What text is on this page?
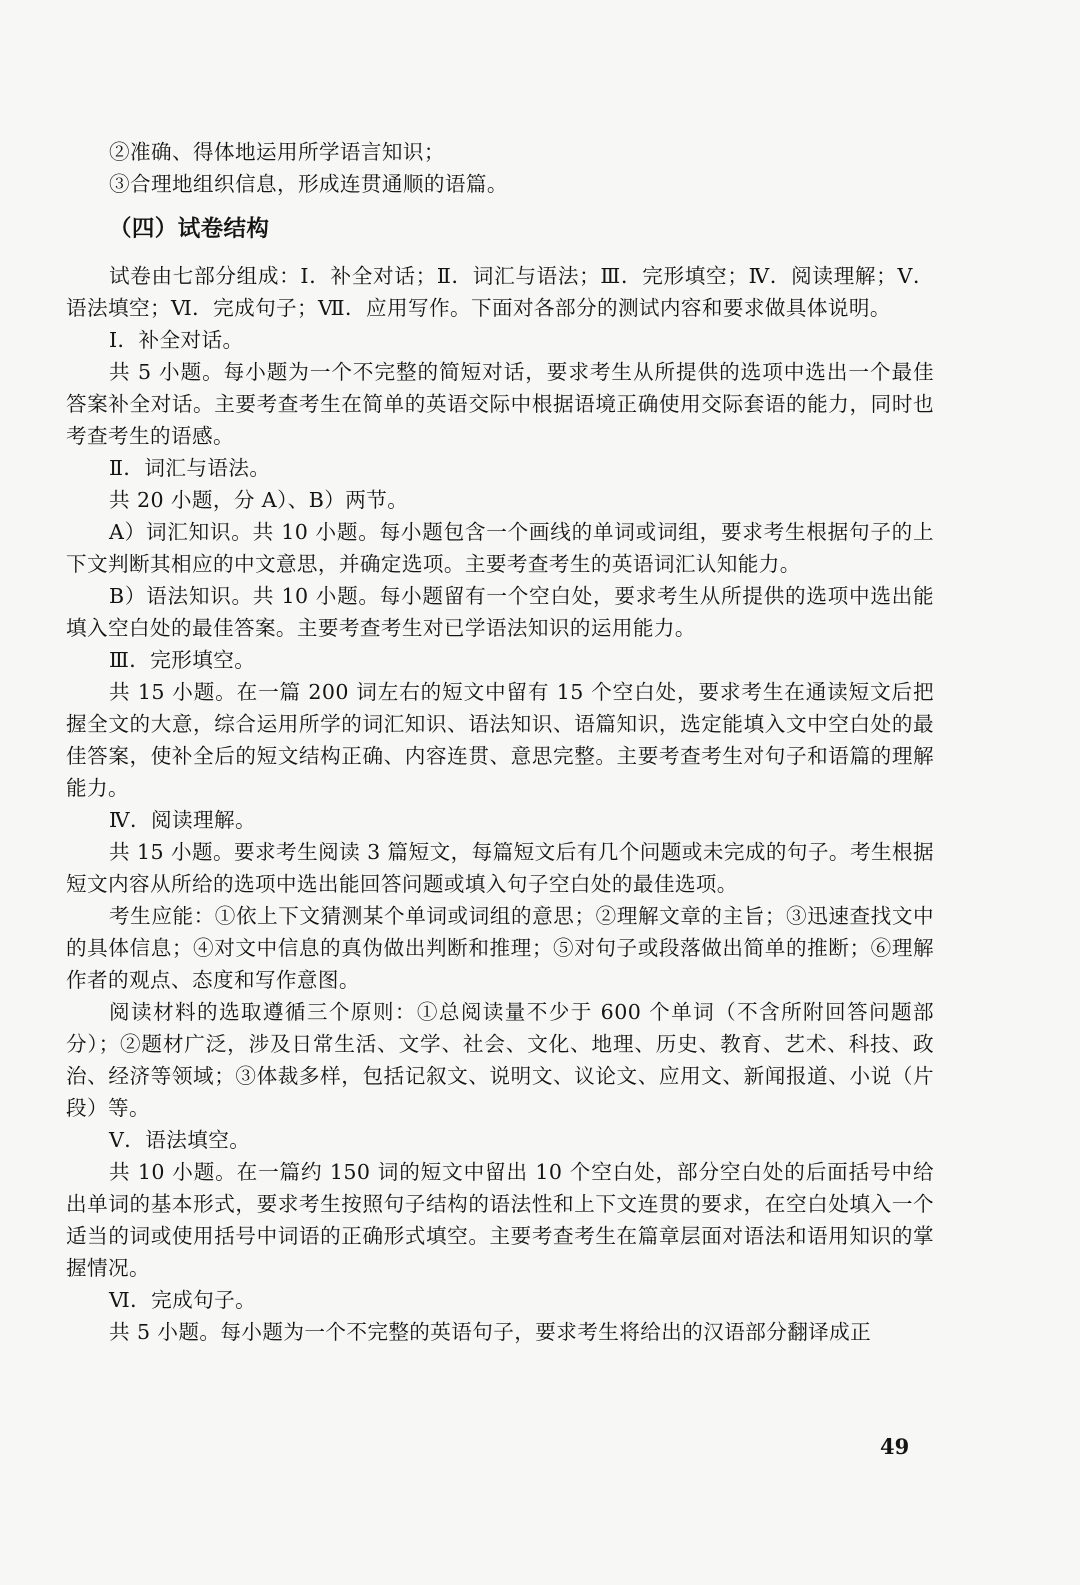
②准确、得体地运用所学语言知识；

③合理地组织信息，形成连贯通顺的语篇。

（四）试卷结构

试卷由七部分组成：Ⅰ．补全对话；Ⅱ．词汇与语法；Ⅲ．完形填空；Ⅳ．阅读理解；Ⅴ．语法填空；Ⅵ．完成句子；Ⅶ．应用写作。下面对各部分的测试内容和要求做具体说明。

Ⅰ．补全对话。

共 5 小题。每小题为一个不完整的简短对话，要求考生从所提供的选项中选出一个最佳答案补全对话。主要考查考生在简单的英语交际中根据语境正确使用交际套语的能力，同时也考查考生的语感。

Ⅱ．词汇与语法。

共 20 小题，分 A）、B）两节。

A）词汇知识。共 10 小题。每小题包含一个画线的单词或词组，要求考生根据句子的上下文判断其相应的中文意思，并确定选项。主要考查考生的英语词汇认知能力。

B）语法知识。共 10 小题。每小题留有一个空白处，要求考生从所提供的选项中选出能填入空白处的最佳答案。主要考查考生对已学语法知识的运用能力。

Ⅲ．完形填空。

共 15 小题。在一篇 200 词左右的短文中留有 15 个空白处，要求考生在通读短文后把握全文的大意，综合运用所学的词汇知识、语法知识、语篇知识，选定能填入文中空白处的最佳答案，使补全后的短文结构正确、内容连贯、意思完整。主要考查考生对句子和语篇的理解能力。

Ⅳ．阅读理解。

共 15 小题。要求考生阅读 3 篇短文，每篇短文后有几个问题或未完成的句子。考生根据短文内容从所给的选项中选出能回答问题或填入句子空白处的最佳选项。

考生应能：①依上下文猜测某个单词或词组的意思；②理解文章的主旨；③迅速查找文中的具体信息；④对文中信息的真伪做出判断和推理；⑤对句子或段落做出简单的推断；⑥理解作者的观点、态度和写作意图。

阅读材料的选取遵循三个原则：①总阅读量不少于 600 个单词（不含所附回答问题部分）；②题材广泛，涉及日常生活、文学、社会、文化、地理、历史、教育、艺术、科技、政治、经济等领域；③体裁多样，包括记叙文、说明文、议论文、应用文、新闻报道、小说（片段）等。

Ⅴ．语法填空。

共 10 小题。在一篇约 150 词的短文中留出 10 个空白处，部分空白处的后面括号中给出单词的基本形式，要求考生按照句子结构的语法性和上下文连贯的要求，在空白处填入一个适当的词或使用括号中词语的正确形式填空。主要考查考生在篇章层面对语法和语用知识的掌握情况。

Ⅵ．完成句子。

共 5 小题。每小题为一个不完整的英语句子，要求考生将给出的汉语部分翻译成正

49
